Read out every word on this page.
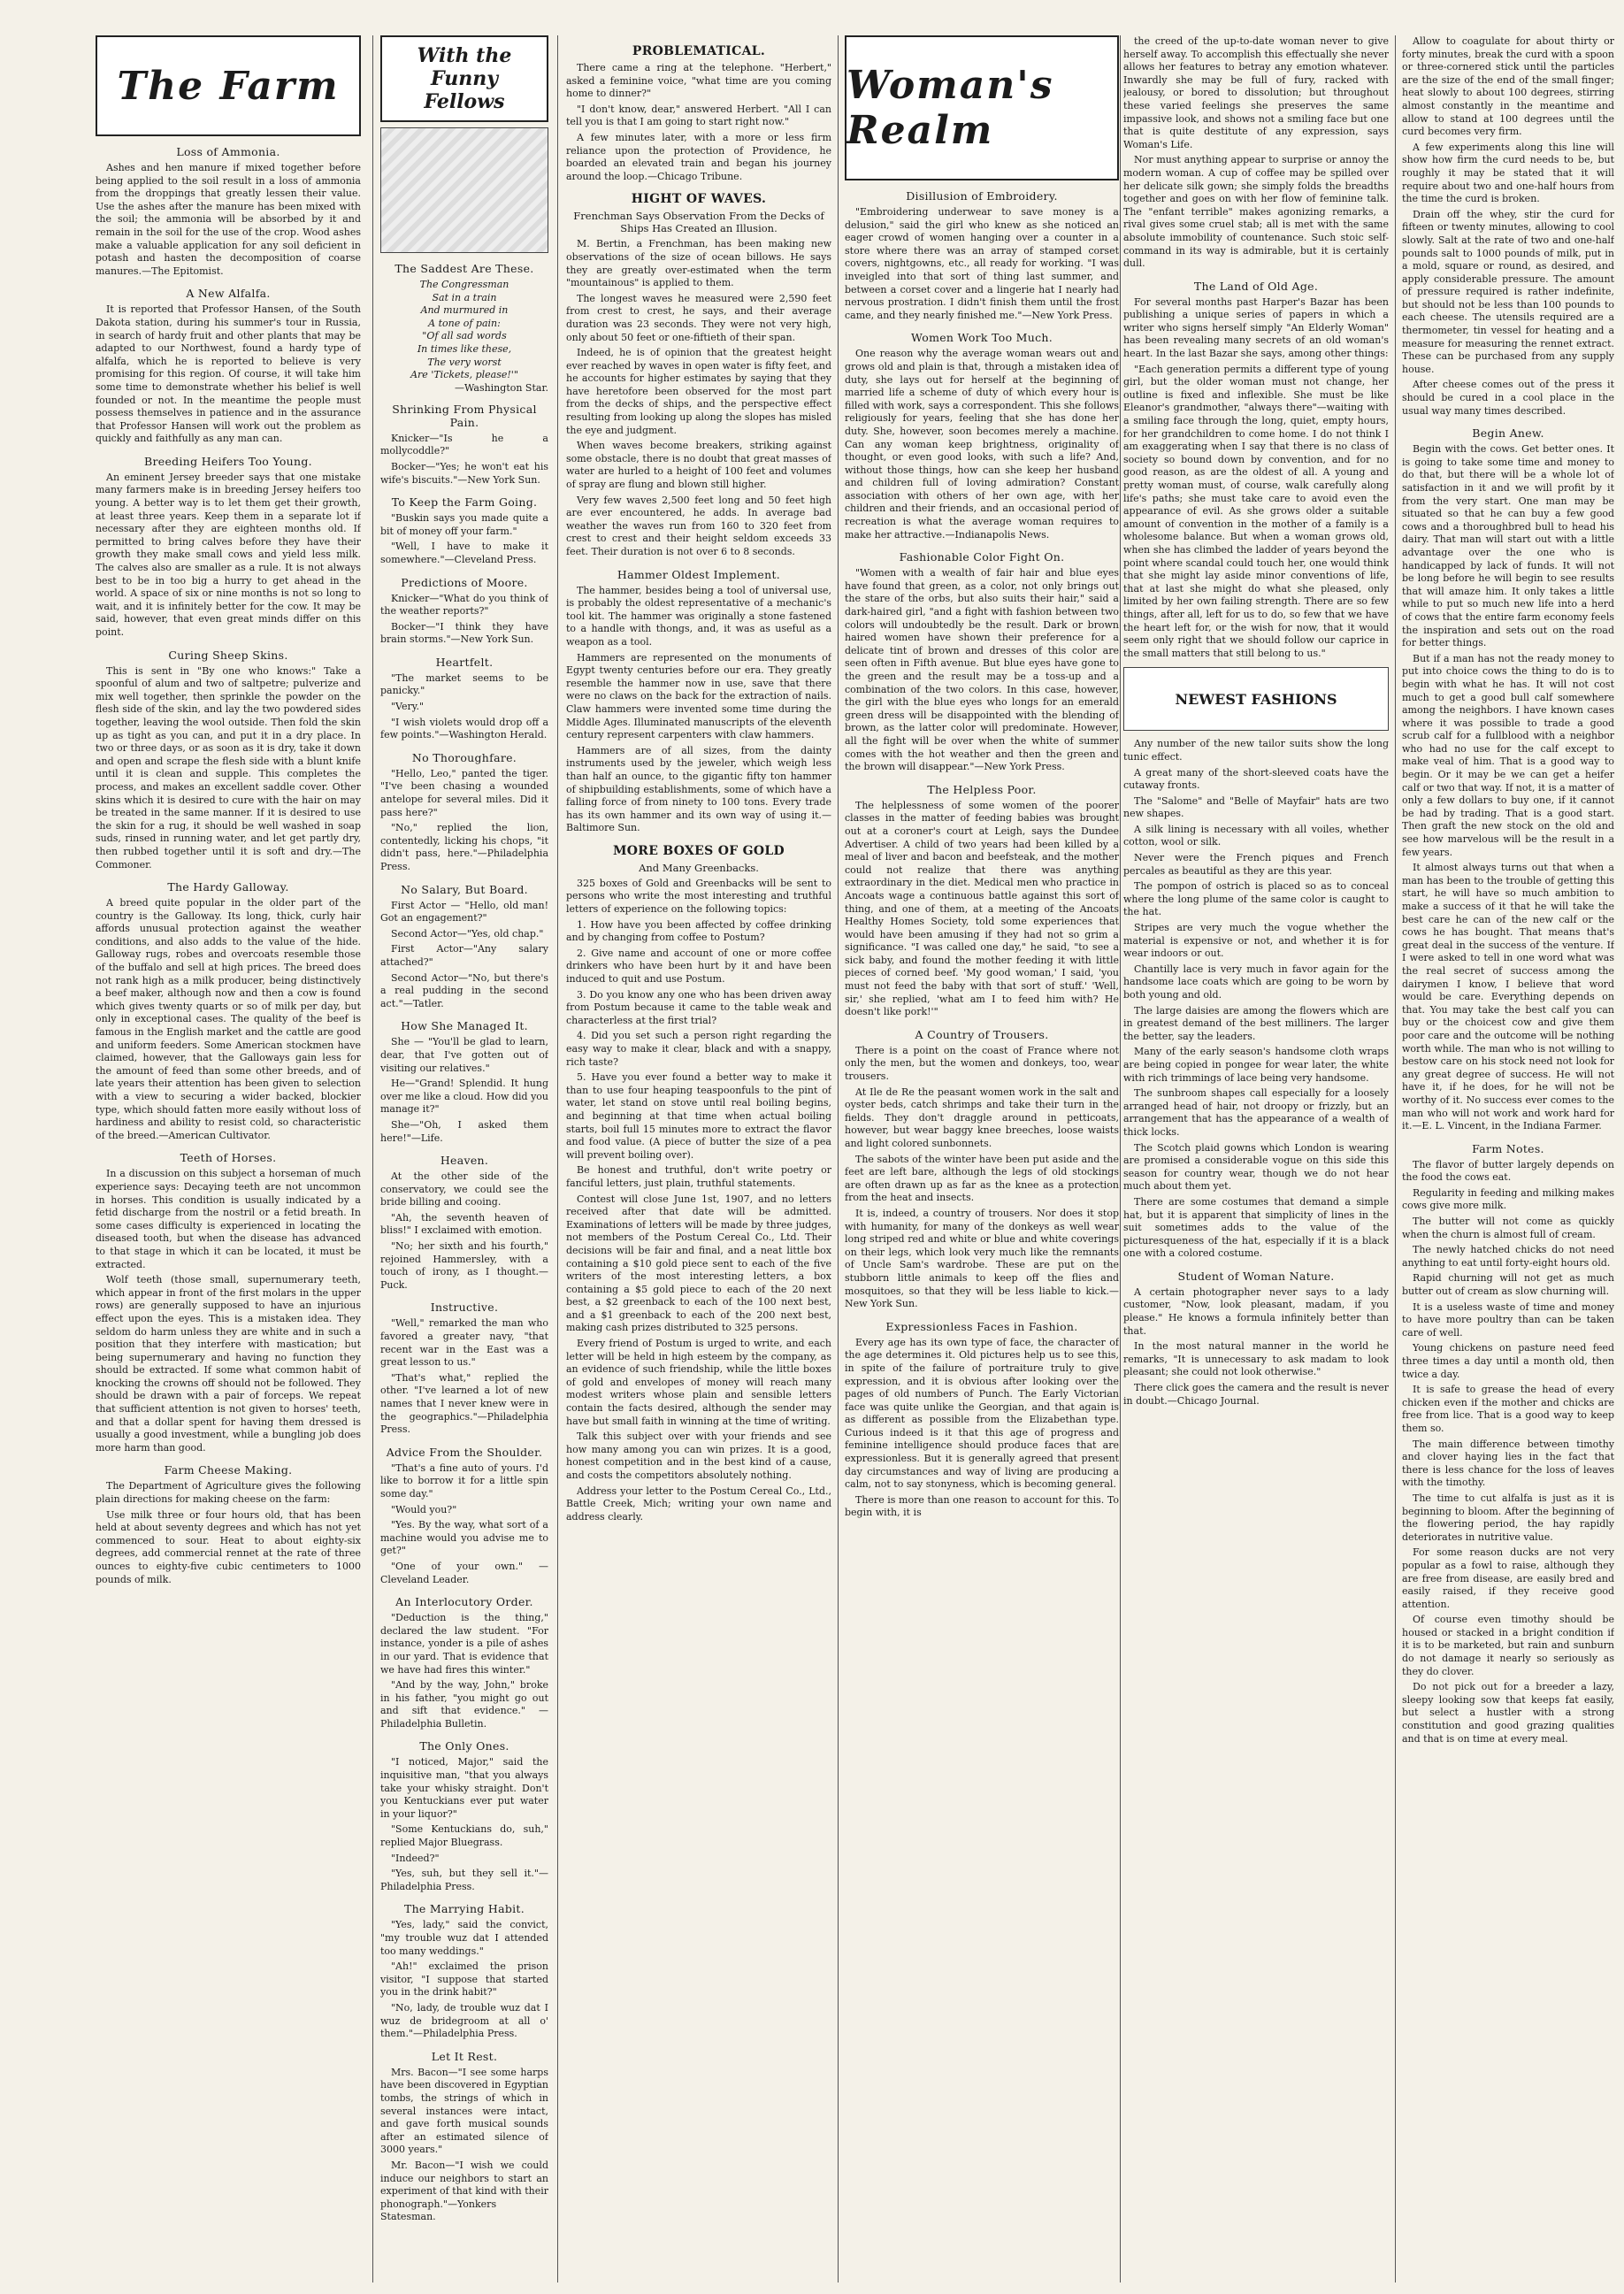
The Farm
Loss of Ammonia.

Ashes and hen manure if mixed together before being applied to the soil result in a loss of ammonia from the droppings that greatly lessen their value. Use the ashes after the manure has been mixed with the soil; the ammonia will be absorbed by it and remain in the soil for the use of the crop. Wood ashes make a valuable application for any soil deficient in potash and hasten the decomposition of coarse manures.—The Epitomist.

A New Alfalfa.

It is reported that Professor Hansen, of the South Dakota station, during his summer's tour in Russia, in search of hardy fruit and other plants that may be adapted to our Northwest, found a hardy type of alfalfa, which he is reported to believe is very promising for this region. Of course, it will take him some time to demonstrate whether his belief is well founded or not. In the meantime the people must possess themselves in patience and in the assurance that Professor Hansen will work out the problem as quickly and faithfully as any man can.

Breeding Heifers Too Young.

An eminent Jersey breeder says that one mistake many farmers make is in breeding Jersey heifers too young. A better way is to let them get their growth, at least three years. Keep them in a separate lot if necessary after they are eighteen months old. If permitted to bring calves before they have their growth they make small cows and yield less milk. The calves also are smaller as a rule. It is not always best to be in too big a hurry to get ahead in the world. A space of six or nine months is not so long to wait, and it is infinitely better for the cow. It may be said, however, that even great minds differ on this point.

Curing Sheep Skins.

This is sent in "By one who knows:" Take a spoonful of alum and two of saltpetre; pulverize and mix well together, then sprinkle the powder on the flesh side of the skin, and lay the two powdered sides together, leaving the wool outside. Then fold the skin up as tight as you can, and put it in a dry place. In two or three days, or as soon as it is dry, take it down and open and scrape the flesh side with a blunt knife until it is clean and supple. This completes the process, and makes an excellent saddle cover. Other skins which it is desired to cure with the hair on may be treated in the same manner. If it is desired to use the skin for a rug, it should be well washed in soap suds, rinsed in running water, and let get partly dry, then rubbed together until it is soft and dry.—The Commoner.

The Hardy Galloway.

A breed quite popular in the older part of the country is the Galloway. Its long, thick, curly hair affords unusual protection against the weather conditions, and also adds to the value of the hide. Galloway rugs, robes and overcoats resemble those of the buffalo and sell at high prices. The breed does not rank high as a milk producer, being distinctively a beef maker, although now and then a cow is found which gives twenty quarts or so of milk per day, but only in exceptional cases. The quality of the beef is famous in the English market and the cattle are good and uniform feeders. Some American stockmen have claimed, however, that the Galloways gain less for the amount of feed than some other breeds, and of late years their attention has been given to selection with a view to securing a wider backed, blockier type, which should fatten more easily without loss of hardiness and ability to resist cold, so characteristic of the breed.—American Cultivator.

Teeth of Horses.

In a discussion on this subject a horseman of much experience says: Decaying teeth are not uncommon in horses. This condition is usually indicated by a fetid discharge from the nostril or a fetid breath. In some cases difficulty is experienced in locating the diseased tooth, but when the disease has advanced to that stage in which it can be located, it must be extracted.

Wolf teeth (those small, supernumerary teeth, which appear in front of the first molars in the upper rows) are generally supposed to have an injurious effect upon the eyes. This is a mistaken idea. They seldom do harm unless they are white and in such a position that they interfere with mastication; but being supernumerary and having no function they should be extracted. If some what common habit of knocking the crowns off should not be followed. They should be drawn with a pair of forceps. We repeat that sufficient attention is not given to horses' teeth, and that a dollar spent for having them dressed is usually a good investment, while a bungling job does more harm than good.

Farm Cheese Making.

The Department of Agriculture gives the following plain directions for making cheese on the farm:

Use milk three or four hours old, that has been held at about seventy degrees and which has not yet commenced to sour. Heat to about eighty-six degrees, add commercial rennet at the rate of three ounces to eighty-five cubic centimeters to 1000 pounds of milk.

With the Funny Fellows
The Saddest Are These.
The Congressman
Sat in a train
And murmured in
A tone of pain:
"Of all sad words
In times like these,
The very worst
Are 'Tickets, please!'"
—Washington Star.
Shrinking From Physical Pain.

Knicker—"Is he a mollycoddle?"

Bocker—"Yes; he won't eat his wife's biscuits."—New York Sun.

To Keep the Farm Going.

"Buskin says you made quite a bit of money off your farm."

"Well, I have to make it somewhere."—Cleveland Press.

Predictions of Moore.

Knicker—"What do you think of the weather reports?"

Bocker—"I think they have brain storms."—New York Sun.

Heartfelt.

"The market seems to be panicky."

"Very."

"I wish violets would drop off a few points."—Washington Herald.

No Thoroughfare.

"Hello, Leo," panted the tiger. "I've been chasing a wounded antelope for several miles. Did it pass here?"

"No," replied the lion, contentedly, licking his chops, "it didn't pass, here."—Philadelphia Press.

No Salary, But Board.

First Actor — "Hello, old man! Got an engagement?"

Second Actor—"Yes, old chap."

First Actor—"Any salary attached?"

Second Actor—"No, but there's a real pudding in the second act."—Tatler.

How She Managed It.

She — "You'll be glad to learn, dear, that I've gotten out of visiting our relatives."

He—"Grand! Splendid. It hung over me like a cloud. How did you manage it?"

She—"Oh, I asked them here!"—Life.

Heaven.

At the other side of the conservatory, we could see the bride billing and cooing.

"Ah, the seventh heaven of bliss!" I exclaimed with emotion.

"No; her sixth and his fourth," rejoined Hammersley, with a touch of irony, as I thought.—Puck.

Instructive.

"Well," remarked the man who favored a greater navy, "that recent war in the East was a great lesson to us."

"That's what," replied the other. "I've learned a lot of new names that I never knew were in the geographics."—Philadelphia Press.

Advice From the Shoulder.

"That's a fine auto of yours. I'd like to borrow it for a little spin some day."

"Would you?"

"Yes. By the way, what sort of a machine would you advise me to get?"

"One of your own." — Cleveland Leader.

An Interlocutory Order.

"Deduction is the thing," declared the law student. "For instance, yonder is a pile of ashes in our yard. That is evidence that we have had fires this winter."

"And by the way, John," broke in his father, "you might go out and sift that evidence." — Philadelphia Bulletin.

The Only Ones.

"I noticed, Major," said the inquisitive man, "that you always take your whisky straight. Don't you Kentuckians ever put water in your liquor?"

"Some Kentuckians do, suh," replied Major Bluegrass.

"Indeed?"

"Yes, suh, but they sell it."—Philadelphia Press.

The Marrying Habit.

"Yes, lady," said the convict, "my trouble wuz dat I attended too many weddings."

"Ah!" exclaimed the prison visitor, "I suppose that started you in the drink habit?"

"No, lady, de trouble wuz dat I wuz de bridegroom at all o' them."—Philadelphia Press.

Let It Rest.

Mrs. Bacon—"I see some harps have been discovered in Egyptian tombs, the strings of which in several instances were intact, and gave forth musical sounds after an estimated silence of 3000 years."

Mr. Bacon—"I wish we could induce our neighbors to start an experiment of that kind with their phonograph."—Yonkers Statesman.

PROBLEMATICAL.

There came a ring at the telephone. "Herbert," asked a feminine voice, "what time are you coming home to dinner?"

"I don't know, dear," answered Herbert. "All I can tell you is that I am going to start right now."

A few minutes later, with a more or less firm reliance upon the protection of Providence, he boarded an elevated train and began his journey around the loop.—Chicago Tribune.

HIGHT OF WAVES.
Frenchman Says Observation From the Decks of Ships Has Created an Illusion.

M. Bertin, a Frenchman, has been making new observations of the size of ocean billows. He says they are greatly over-estimated when the term "mountainous" is applied to them.

The longest waves he measured were 2,590 feet from crest to crest, he says, and their average duration was 23 seconds. They were not very high, only about 50 feet or one-fiftieth of their span.

Indeed, he is of opinion that the greatest height ever reached by waves in open water is fifty feet, and he accounts for higher estimates by saying that they have heretofore been observed for the most part from the decks of ships, and the perspective effect resulting from looking up along the slopes has misled the eye and judgment.

When waves become breakers, striking against some obstacle, there is no doubt that great masses of water are hurled to a height of 100 feet and volumes of spray are flung and blown still higher.

Very few waves 2,500 feet long and 50 feet high are ever encountered, he adds. In average bad weather the waves run from 160 to 320 feet from crest to crest and their height seldom exceeds 33 feet. Their duration is not over 6 to 8 seconds.

Hammer Oldest Implement.

The hammer, besides being a tool of universal use, is probably the oldest representative of a mechanic's tool kit. The hammer was originally a stone fastened to a handle with thongs, and, it was as useful as a weapon as a tool.

Hammers are represented on the monuments of Egypt twenty centuries before our era. They greatly resemble the hammer now in use, save that there were no claws on the back for the extraction of nails. Claw hammers were invented some time during the Middle Ages. Illuminated manuscripts of the eleventh century represent carpenters with claw hammers.

Hammers are of all sizes, from the dainty instruments used by the jeweler, which weigh less than half an ounce, to the gigantic fifty ton hammer of shipbuilding establishments, some of which have a falling force of from ninety to 100 tons. Every trade has its own hammer and its own way of using it.—Baltimore Sun.

MORE BOXES OF GOLD
And Many Greenbacks.

325 boxes of Gold and Greenbacks will be sent to persons who write the most interesting and truthful letters of experience on the following topics:

1. How have you been affected by coffee drinking and by changing from coffee to Postum?

2. Give name and account of one or more coffee drinkers who have been hurt by it and have been induced to quit and use Postum.

3. Do you know any one who has been driven away from Postum because it came to the table weak and characterless at the first trial?

4. Did you set such a person right regarding the easy way to make it clear, black and with a snappy, rich taste?

5. Have you ever found a better way to make it than to use four heaping teaspoonfuls to the pint of water, let stand on stove until real boiling begins, and beginning at that time when actual boiling starts, boil full 15 minutes more to extract the flavor and food value. (A piece of butter the size of a pea will prevent boiling over).

Be honest and truthful, don't write poetry or fanciful letters, just plain, truthful statements.

Contest will close June 1st, 1907, and no letters received after that date will be admitted. Examinations of letters will be made by three judges, not members of the Postum Cereal Co., Ltd. Their decisions will be fair and final, and a neat little box containing a $10 gold piece sent to each of the five writers of the most interesting letters, a box containing a $5 gold piece to each of the 20 next best, a $2 greenback to each of the 100 next best, and a $1 greenback to each of the 200 next best, making cash prizes distributed to 325 persons.

Every friend of Postum is urged to write, and each letter will be held in high esteem by the company, as an evidence of such friendship, while the little boxes of gold and envelopes of money will reach many modest writers whose plain and sensible letters contain the facts desired, although the sender may have but small faith in winning at the time of writing.

Talk this subject over with your friends and see how many among you can win prizes. It is a good, honest competition and in the best kind of a cause, and costs the competitors absolutely nothing.

Address your letter to the Postum Cereal Co., Ltd., Battle Creek, Mich; writing your own name and address clearly.

Woman's Realm
Disillusion of Embroidery.

"Embroidering underwear to save money is a delusion," said the girl who knew as she noticed an eager crowd of women hanging over a counter in a store where there was an array of stamped corset covers, nightgowns, etc., all ready for working. "I was inveigled into that sort of thing last summer, and between a corset cover and a lingerie hat I nearly had nervous prostration. I didn't finish them until the frost came, and they nearly finished me."—New York Press.

Women Work Too Much.

One reason why the average woman wears out and grows old and plain is that, through a mistaken idea of duty, she lays out for herself at the beginning of married life a scheme of duty of which every hour is filled with work, says a correspondent. This she follows religiously for years, feeling that she has done her duty. She, however, soon becomes merely a machine. Can any woman keep brightness, originality of thought, or even good looks, with such a life? And, without those things, how can she keep her husband and children full of loving admiration? Constant association with others of her own age, with her children and their friends, and an occasional period of recreation is what the average woman requires to make her attractive.—Indianapolis News.

Fashionable Color Fight On.

"Women with a wealth of fair hair and blue eyes have found that green, as a color, not only brings out the stare of the orbs, but also suits their hair," said a dark-haired girl, "and a fight with fashion between two colors will undoubtedly be the result. Dark or brown haired women have shown their preference for a delicate tint of brown and dresses of this color are seen often in Fifth avenue. But blue eyes have gone to the green and the result may be a toss-up and a combination of the two colors. In this case, however, the girl with the blue eyes who longs for an emerald green dress will be disappointed with the blending of brown, as the latter color will predominate. However, all the fight will be over when the white of summer comes with the hot weather and then the green and the brown will disappear."—New York Press.

The Helpless Poor.

The helplessness of some women of the poorer classes in the matter of feeding babies was brought out at a coroner's court at Leigh, says the Dundee Advertiser. A child of two years had been killed by a meal of liver and bacon and beefsteak, and the mother could not realize that there was anything extraordinary in the diet. Medical men who practice in Ancoats wage a continuous battle against this sort of thing, and one of them, at a meeting of the Ancoats Healthy Homes Society, told some experiences that would have been amusing if they had not so grim a significance. "I was called one day," he said, "to see a sick baby, and found the mother feeding it with little pieces of corned beef. 'My good woman,' I said, 'you must not feed the baby with that sort of stuff.' 'Well, sir,' she replied, 'what am I to feed him with? He doesn't like pork!'"

A Country of Trousers.

There is a point on the coast of France where not only the men, but the women and donkeys, too, wear trousers.

At Ile de Re the peasant women work in the salt and oyster beds, catch shrimps and take their turn in the fields. They don't draggle around in petticoats, however, but wear baggy knee breeches, loose waists and light colored sunbonnets.

The sabots of the winter have been put aside and the feet are left bare, although the legs of old stockings are often drawn up as far as the knee as a protection from the heat and insects.

It is, indeed, a country of trousers. Nor does it stop with humanity, for many of the donkeys as well wear long striped red and white or blue and white coverings on their legs, which look very much like the remnants of Uncle Sam's wardrobe. These are put on the stubborn little animals to keep off the flies and mosquitoes, so that they will be less liable to kick.—New York Sun.

Expressionless Faces in Fashion.

Every age has its own type of face, the character of the age determines it. Old pictures help us to see this, in spite of the failure of portraiture truly to give expression, and it is obvious after looking over the pages of old numbers of Punch. The Early Victorian face was quite unlike the Georgian, and that again is as different as possible from the Elizabethan type. Curious indeed is it that this age of progress and feminine intelligence should produce faces that are expressionless. But it is generally agreed that present day circumstances and way of living are producing a calm, not to say stonyness, which is becoming general.

There is more than one reason to account for this. To begin with, it is

the creed of the up-to-date woman never to give herself away. To accomplish this effectually she never allows her features to betray any emotion whatever. Inwardly she may be full of fury, racked with jealousy, or bored to dissolution; but throughout these varied feelings she preserves the same impassive look, and shows not a smiling face but one that is quite destitute of any expression, says Woman's Life.

Nor must anything appear to surprise or annoy the modern woman. A cup of coffee may be spilled over her delicate silk gown; she simply folds the breadths together and goes on with her flow of feminine talk. The "enfant terrible" makes agonizing remarks, a rival gives some cruel stab; all is met with the same absolute immobility of countenance. Such stoic self-command in its way is admirable, but it is certainly dull.

The Land of Old Age.

For several months past Harper's Bazar has been publishing a unique series of papers in which a writer who signs herself simply "An Elderly Woman" has been revealing many secrets of an old woman's heart. In the last Bazar she says, among other things:

"Each generation permits a different type of young girl, but the older woman must not change, her outline is fixed and inflexible. She must be like Eleanor's grandmother, "always there"—waiting with a smiling face through the long, quiet, empty hours, for her grandchildren to come home. I do not think I am exaggerating when I say that there is no class of society so bound down by convention, and for no good reason, as are the oldest of all. A young and pretty woman must, of course, walk carefully along life's paths; she must take care to avoid even the appearance of evil. As she grows older a suitable amount of convention in the mother of a family is a wholesome balance. But when a woman grows old, when she has climbed the ladder of years beyond the point where scandal could touch her, one would think that she might lay aside minor conventions of life, that at last she might do what she pleased, only limited by her own failing strength. There are so few things, after all, left for us to do, so few that we have the heart left for, or the wish for now, that it would seem only right that we should follow our caprice in the small matters that still belong to us."

NEWEST FASHIONS

Any number of the new tailor suits show the long tunic effect.

A great many of the short-sleeved coats have the cutaway fronts.

The "Salome" and "Belle of Mayfair" hats are two new shapes.

A silk lining is necessary with all voiles, whether cotton, wool or silk.

Never were the French piques and French percales as beautiful as they are this year.

The pompon of ostrich is placed so as to conceal where the long plume of the same color is caught to the hat.

Stripes are very much the vogue whether the material is expensive or not, and whether it is for wear indoors or out.

Chantilly lace is very much in favor again for the handsome lace coats which are going to be worn by both young and old.

The large daisies are among the flowers which are in greatest demand of the best milliners. The larger the better, say the leaders.

Many of the early season's handsome cloth wraps are being copied in pongee for wear later, the white with rich trimmings of lace being very handsome.

The sunbroom shapes call especially for a loosely arranged head of hair, not droopy or frizzly, but an arrangement that has the appearance of a wealth of thick locks.

The Scotch plaid gowns which London is wearing are promised a considerable vogue on this side this season for country wear, though we do not hear much about them yet.

There are some costumes that demand a simple hat, but it is apparent that simplicity of lines in the suit sometimes adds to the value of the picturesqueness of the hat, especially if it is a black one with a colored costume.

Student of Woman Nature.

A certain photographer never says to a lady customer, "Now, look pleasant, madam, if you please." He knows a formula infinitely better than that.

In the most natural manner in the world he remarks, "It is unnecessary to ask madam to look pleasant; she could not look otherwise."

There click goes the camera and the result is never in doubt.—Chicago Journal.

Allow to coagulate for about thirty or forty minutes, break the curd with a spoon or three-cornered stick until the particles are the size of the end of the small finger; heat slowly to about 100 degrees, stirring almost constantly in the meantime and allow to stand at 100 degrees until the curd becomes very firm.

A few experiments along this line will show how firm the curd needs to be, but roughly it may be stated that it will require about two and one-half hours from the time the curd is broken.

Drain off the whey, stir the curd for fifteen or twenty minutes, allowing to cool slowly. Salt at the rate of two and one-half pounds salt to 1000 pounds of milk, put in a mold, square or round, as desired, and apply considerable pressure. The amount of pressure required is rather indefinite, but should not be less than 100 pounds to each cheese. The utensils required are a thermometer, tin vessel for heating and a measure for measuring the rennet extract. These can be purchased from any supply house.

After cheese comes out of the press it should be cured in a cool place in the usual way many times described.

Begin Anew.

Begin with the cows. Get better ones. It is going to take some time and money to do that, but there will be a whole lot of satisfaction in it and we will profit by it from the very start. One man may be situated so that he can buy a few good cows and a thoroughbred bull to head his dairy. That man will start out with a little advantage over the one who is handicapped by lack of funds. It will not be long before he will begin to see results that will amaze him. It only takes a little while to put so much new life into a herd of cows that the entire farm economy feels the inspiration and sets out on the road for better things.

But if a man has not the ready money to put into choice cows the thing to do is to begin with what he has. It will not cost much to get a good bull calf somewhere among the neighbors. I have known cases where it was possible to trade a good scrub calf for a fullblood with a neighbor who had no use for the calf except to make veal of him. That is a good way to begin. Or it may be we can get a heifer calf or two that way. If not, it is a matter of only a few dollars to buy one, if it cannot be had by trading. That is a good start. Then graft the new stock on the old and see how marvelous will be the result in a few years.

It almost always turns out that when a man has been to the trouble of getting this start, he will have so much ambition to make a success of it that he will take the best care he can of the new calf or the cows he has bought. That means that's great deal in the success of the venture. If I were asked to tell in one word what was the real secret of success among the dairymen I know, I believe that word would be care. Everything depends on that. You may take the best calf you can buy or the choicest cow and give them poor care and the outcome will be nothing worth while. The man who is not willing to bestow care on his stock need not look for any great degree of success. He will not have it, if he does, for he will not be worthy of it. No success ever comes to the man who will not work and work hard for it.—E. L. Vincent, in the Indiana Farmer.

Farm Notes.

The flavor of butter largely depends on the food the cows eat.

Regularity in feeding and milking makes cows give more milk.

The butter will not come as quickly when the churn is almost full of cream.

The newly hatched chicks do not need anything to eat until forty-eight hours old.

Rapid churning will not get as much butter out of cream as slow churning will.

It is a useless waste of time and money to have more poultry than can be taken care of well.

Young chickens on pasture need feed three times a day until a month old, then twice a day.

It is safe to grease the head of every chicken even if the mother and chicks are free from lice. That is a good way to keep them so.

The main difference between timothy and clover haying lies in the fact that there is less chance for the loss of leaves with the timothy.

The time to cut alfalfa is just as it is beginning to bloom. After the beginning of the flowering period, the hay rapidly deteriorates in nutritive value.

For some reason ducks are not very popular as a fowl to raise, although they are free from disease, are easily bred and easily raised, if they receive good attention.

Of course even timothy should be housed or stacked in a bright condition if it is to be marketed, but rain and sunburn do not damage it nearly so seriously as they do clover.

Do not pick out for a breeder a lazy, sleepy looking sow that keeps fat easily, but select a hustler with a strong constitution and good grazing qualities and that is on time at every meal.
